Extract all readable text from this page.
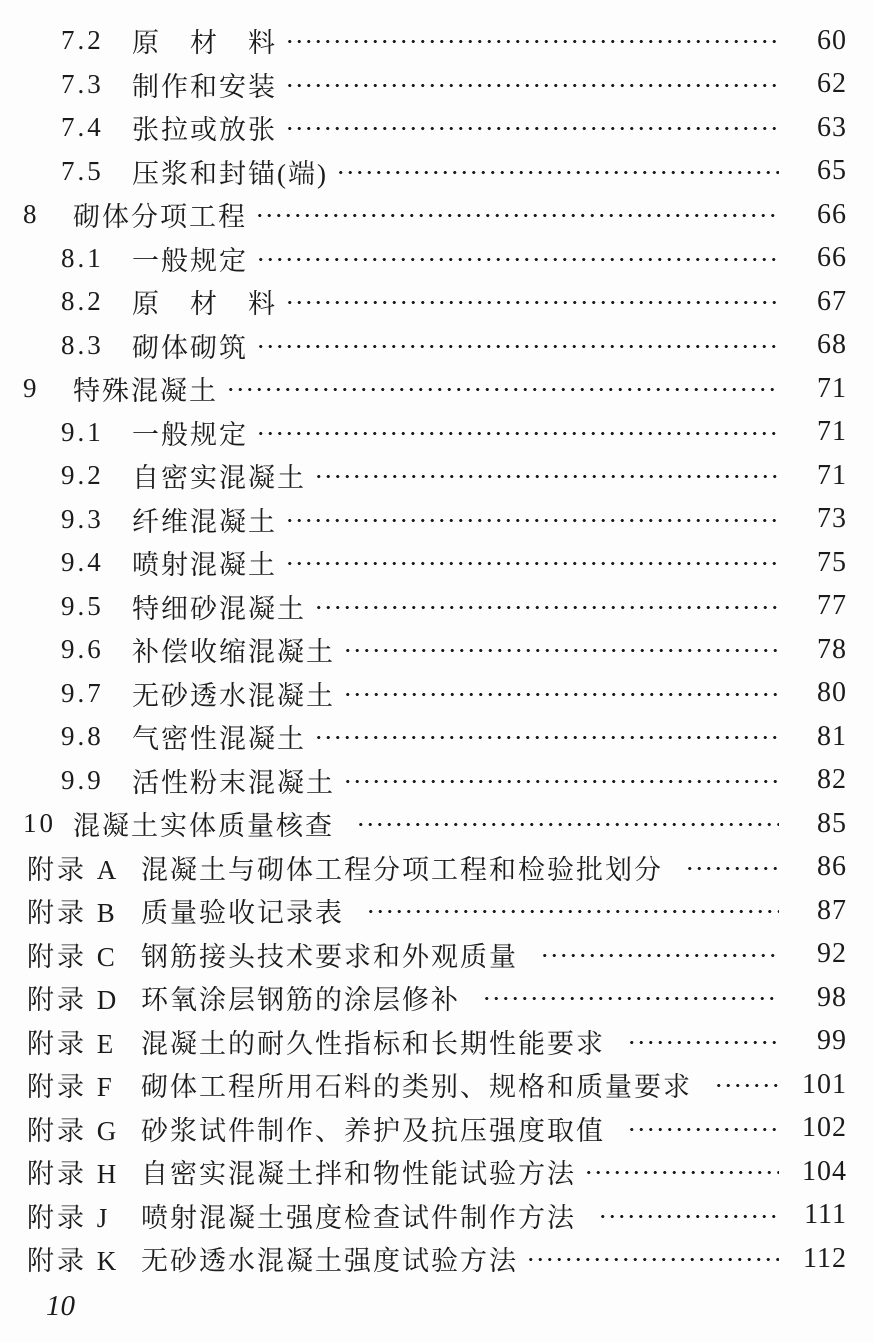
7.2	原　材　料	60
7.3	制作和安装	62
7.4	张拉或放张	63
7.5	压浆和封锚(端)	65
8	砌体分项工程	66
8.1	一般规定	66
8.2	原　材　料	67
8.3	砌体砌筑	68
9	特殊混凝土	71
9.1	一般规定	71
9.2	自密实混凝土	71
9.3	纤维混凝土	73
9.4	喷射混凝土	75
9.5	特细砂混凝土	77
9.6	补偿收缩混凝土	78
9.7	无砂透水混凝土	80
9.8	气密性混凝土	81
9.9	活性粉末混凝土	82
10 混凝土实体质量核查	85
附录 A 混凝土与砌体工程分项工程和检验批划分	86
附录 B 质量验收记录表	87
附录 C 钢筋接头技术要求和外观质量	92
附录 D 环氧涂层钢筋的涂层修补	98
附录 E 混凝土的耐久性指标和长期性能要求	99
附录 F 砌体工程所用石料的类别、规格和质量要求	101
附录 G 砂浆试件制作、养护及抗压强度取值	102
附录 H 自密实混凝土拌和物性能试验方法	104
附录 J	喷射混凝土强度检查试件制作方法	111
附录 K 无砂透水混凝土强度试验方法	112
10
